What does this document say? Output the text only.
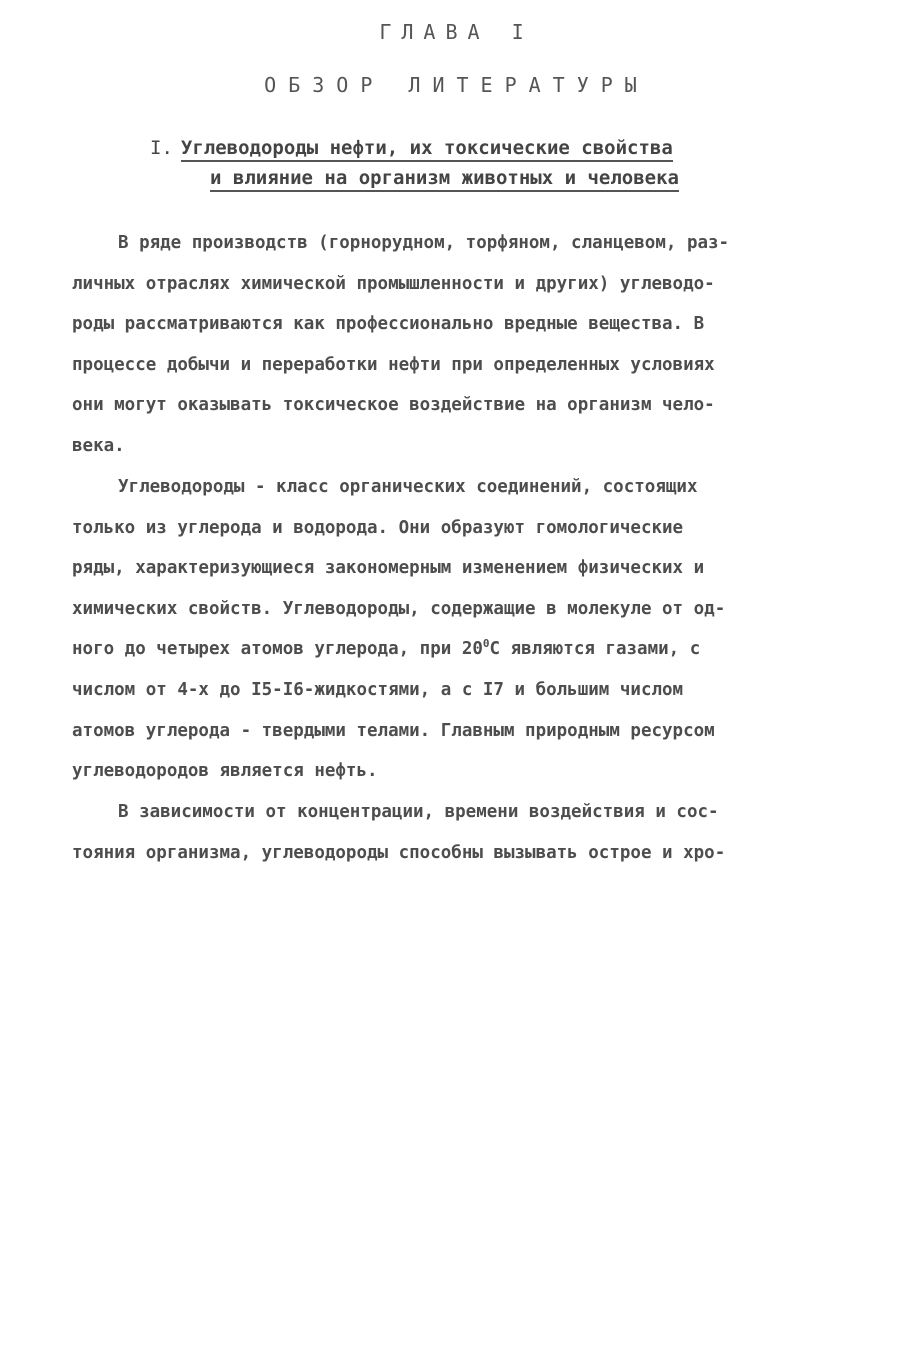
ГЛАВА I
ОБЗОР ЛИТЕРАТУРЫ
I. Углеводороды нефти, их токсические свойства
и влияние на организм животных и человека
В ряде производств (горнорудном, торфяном, сланцевом, раз-
личных отраслях химической промышленности и других) углеводо-
роды рассматриваются как профессионально вредные вещества. В
процессе добычи и переработки нефти при определенных условиях
они могут оказывать токсическое воздействие на организм чело-
века.
Углеводороды - класс органических соединений, состоящих
только из углерода и водорода. Они образуют гомологические
ряды, характеризующиеся закономерным изменением физических и
химических свойств. Углеводороды, содержащие в молекуле от од-
ного до четырех атомов углерода, при $20^0С$ являются газами, с
числом от 4-х до I5-I6-жидкостями, а с I7 и большим числом
атомов углерода - твердыми телами. Главным природным ресурсом
углеводородов является нефть.
В зависимости от концентрации, времени воздействия и сос-
тояния организма, углеводороды способны вызывать острое и хро-
